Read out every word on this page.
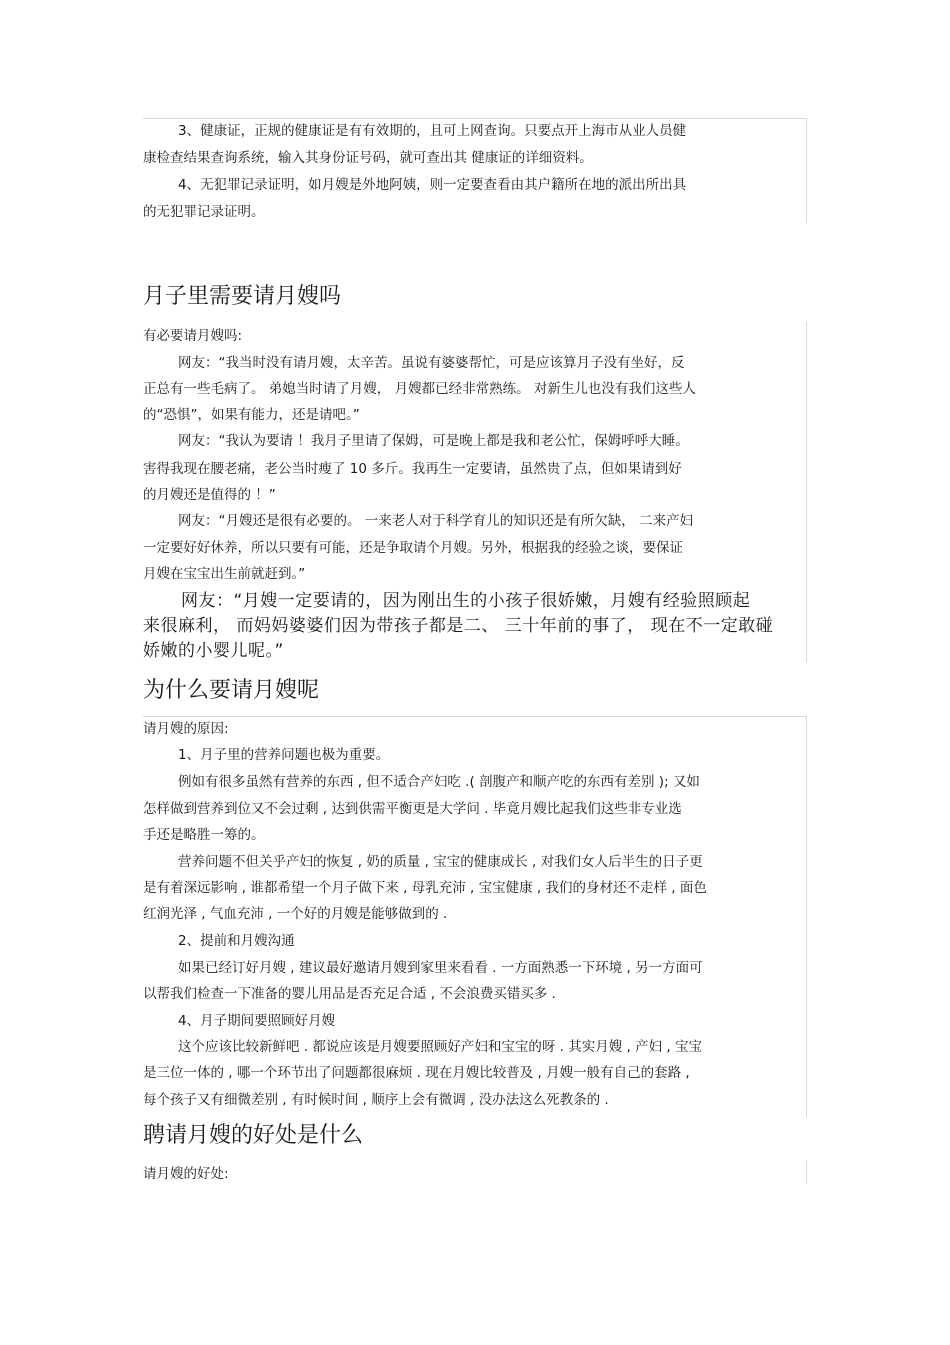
3、健康证，正规的健康证是有有效期的，且可上网查询。只要点开上海市从业人员健
康检查结果查询系统，输入其身份证号码，就可查出其 健康证的详细资料。
4、无犯罪记录证明，如月嫂是外地阿姨，则一定要查看由其户籍所在地的派出所出具
的无犯罪记录证明。
月子里需要请月嫂吗
有必要请月嫂吗:
网友：“我当时没有请月嫂，太辛苦。虽说有婆婆帮忙，可是应该算月子没有坐好，反
正总有一些毛病了。 弟媳当时请了月嫂， 月嫂都已经非常熟练。 对新生儿也没有我们这些人
的“恐惧”，如果有能力，还是请吧。”
网友：“我认为要请 ！我月子里请了保姆，可是晚上都是我和老公忙，保姆呼呼大睡。
害得我现在腰老痛，老公当时瘦了 10 多斤。我再生一定要请，虽然贵了点，但如果请到好
的月嫂还是值得的 ！”
网友：“月嫂还是很有必要的。 一来老人对于科学育儿的知识还是有所欠缺， 二来产妇
一定要好好休养，所以只要有可能，还是争取请个月嫂。另外，根据我的经验之谈，要保证
月嫂在宝宝出生前就赶到。”
网友：“月嫂一定要请的，因为刚出生的小孩子很娇嫩，月嫂有经验照顾起
来很麻利， 而妈妈婆婆们因为带孩子都是二、 三十年前的事了， 现在不一定敢碰
娇嫩的小婴儿呢。”
为什么要请月嫂呢
请月嫂的原因:
1、月子里的营养问题也极为重要。
例如有很多虽然有营养的东西 , 但不适合产妇吃 .( 剖腹产和顺产吃的东西有差别 ); 又如
怎样做到营养到位又不会过剩 , 达到供需平衡更是大学问 . 毕竟月嫂比起我们这些非专业选
手还是略胜一筹的。
营养问题不但关乎产妇的恢复 , 奶的质量 , 宝宝的健康成长 , 对我们女人后半生的日子更
是有着深远影响 , 谁都希望一个月子做下来 , 母乳充沛 , 宝宝健康 , 我们的身材还不走样 , 面色
红润光泽 , 气血充沛 , 一个好的月嫂是能够做到的 .
2、提前和月嫂沟通
如果已经订好月嫂 , 建议最好邀请月嫂到家里来看看 . 一方面熟悉一下环境 , 另一方面可
以帮我们检查一下准备的婴儿用品是否充足合适 , 不会浪费买错买多 .
4、月子期间要照顾好月嫂
这个应该比较新鲜吧 . 都说应该是月嫂要照顾好产妇和宝宝的呀 . 其实月嫂 , 产妇 , 宝宝
是三位一体的 , 哪一个环节出了问题都很麻烦 . 现在月嫂比较普及 , 月嫂一般有自己的套路 ,
每个孩子又有细微差别 , 有时候时间 , 顺序上会有微调 , 没办法这么死教条的 .
聘请月嫂的好处是什么
请月嫂的好处:
